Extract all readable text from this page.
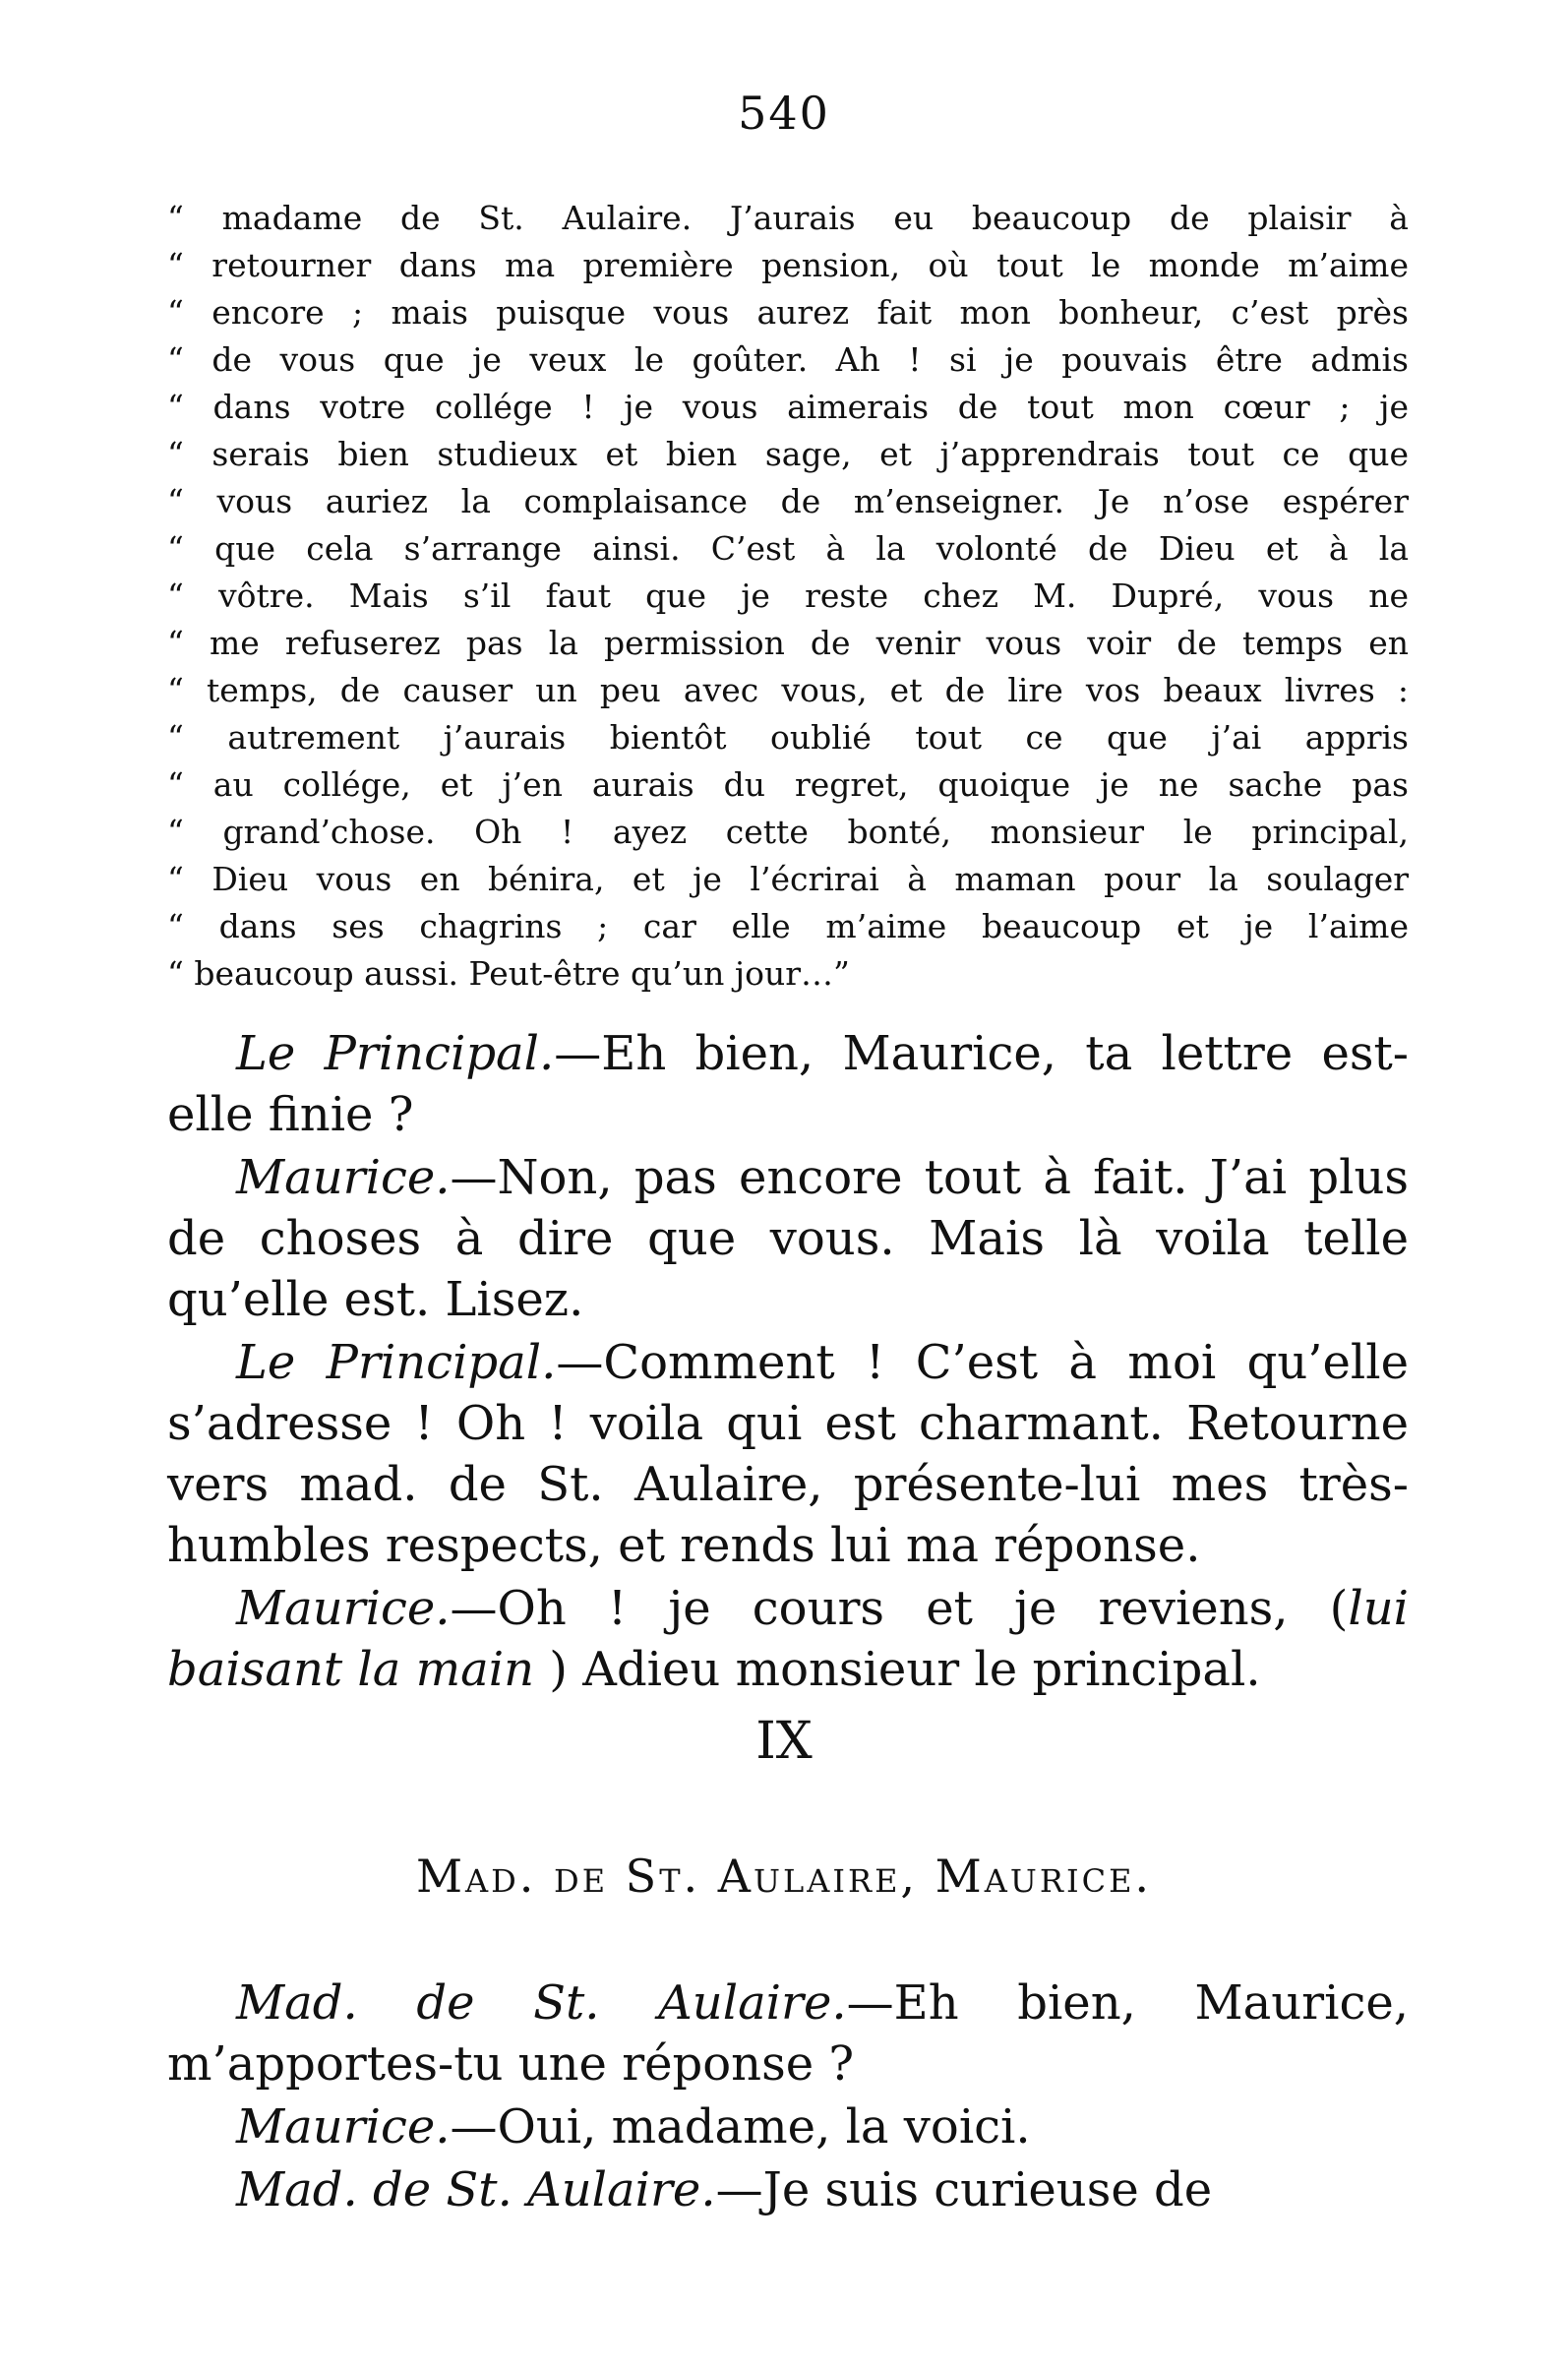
540
“ madame de St. Aulaire. J’aurais eu beaucoup de plaisir à
“ retourner dans ma première pension, où tout le monde m’aime
“ encore ; mais puisque vous aurez fait mon bonheur, c’est près
“ de vous que je veux le goûter. Ah ! si je pouvais être admis
“ dans votre collége ! je vous aimerais de tout mon cœur ; je
“ serais bien studieux et bien sage, et j’apprendrais tout ce que
“ vous auriez la complaisance de m’enseigner. Je n’ose espérer
“ que cela s’arrange ainsi. C’est à la volonté de Dieu et à la
“ vôtre. Mais s’il faut que je reste chez M. Dupré, vous ne
“ me refuserez pas la permission de venir vous voir de temps en
“ temps, de causer un peu avec vous, et de lire vos beaux livres :
“ autrement j’aurais bientôt oublié tout ce que j’ai appris
“ au collége, et j’en aurais du regret, quoique je ne sache pas
“ grand’chose. Oh ! ayez cette bonté, monsieur le principal,
“ Dieu vous en bénira, et je l’écrirai à maman pour la soulager
“ dans ses chagrins ; car elle m’aime beaucoup et je l’aime
“ beaucoup aussi. Peut-être qu’un jour…”

Le Principal.—Eh bien, Maurice, ta lettre est-elle finie ?

Maurice.—Non, pas encore tout à fait. J’ai plus de choses à dire que vous. Mais là voila telle qu’elle est. Lisez.

Le Principal.—Comment ! C’est à moi qu’elle s’adresse ! Oh ! voila qui est charmant. Retourne vers mad. de St. Aulaire, présente-lui mes très-humbles respects, et rends lui ma réponse.

Maurice.—Oh ! je cours et je reviens, (lui baisant la main ) Adieu monsieur le principal.

IX
Mad. de St. Aulaire, Maurice.

Mad. de St. Aulaire.—Eh bien, Maurice, m’apportes-tu une réponse ?

Maurice.—Oui, madame, la voici.

Mad. de St. Aulaire.—Je suis curieuse de
